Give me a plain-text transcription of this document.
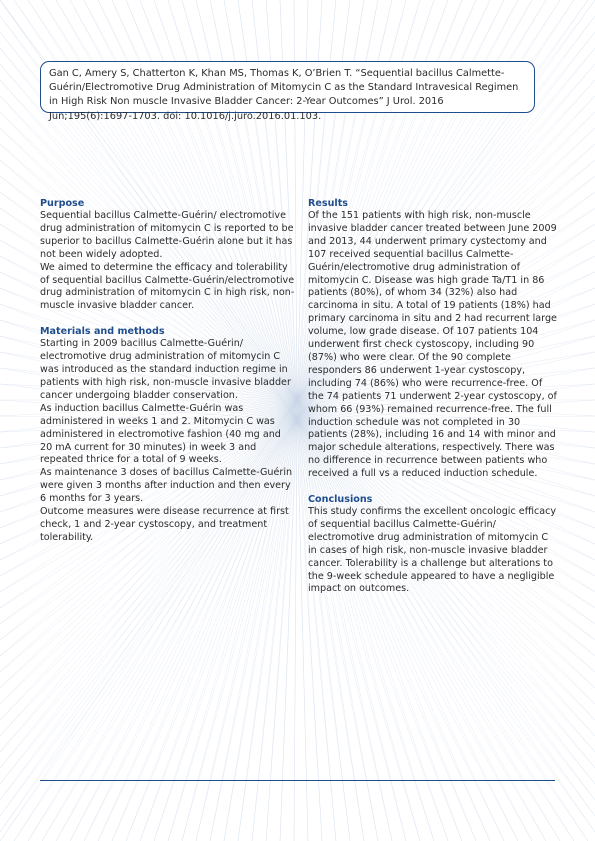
Gan C, Amery S, Chatterton K, Khan MS, Thomas K, O’Brien T. “Sequential bacillus Calmette-Guérin/Electromotive Drug Administration of Mitomycin C as the Standard Intravesical Regimen in High Risk Non muscle Invasive Bladder Cancer: 2-Year Outcomes” J Urol. 2016 Jun;195(6):1697-1703. doi: 10.1016/j.juro.2016.01.103.

Purpose

Sequential bacillus Calmette-Guérin/ electromotive drug administration of mitomycin C is reported to be superior to bacillus Calmette-Guérin alone but it has not been widely adopted.

We aimed to determine the efficacy and tolerability of sequential bacillus Calmette-Guérin/electromotive drug administration of mitomycin C in high risk, non-muscle invasive bladder cancer.

Materials and methods

Starting in 2009 bacillus Calmette-Guérin/ electromotive drug administration of mitomycin C was introduced as the standard induction regime in patients with high risk, non-muscle invasive bladder cancer undergoing bladder conservation.

As induction bacillus Calmette-Guérin was administered in weeks 1 and 2. Mitomycin C was administered in electromotive fashion (40 mg and 20 mA current for 30 minutes) in week 3 and repeated thrice for a total of 9 weeks.

As maintenance 3 doses of bacillus Calmette-Guérin were given 3 months after induction and then every 6 months for 3 years.

Outcome measures were disease recurrence at first check, 1 and 2-year cystoscopy, and treatment tolerability.

Results

Of the 151 patients with high risk, non-muscle invasive bladder cancer treated between June 2009 and 2013, 44 underwent primary cystectomy and 107 received sequential bacillus Calmette-Guérin/electromotive drug administration of mitomycin C. Disease was high grade Ta/T1 in 86 patients (80%), of whom 34 (32%) also had carcinoma in situ. A total of 19 patients (18%) had primary carcinoma in situ and 2 had recurrent large volume, low grade disease. Of 107 patients 104 underwent first check cystoscopy, including 90 (87%) who were clear. Of the 90 complete responders 86 underwent 1-year cystoscopy, including 74 (86%) who were recurrence-free. Of the 74 patients 71 underwent 2-year cystoscopy, of whom 66 (93%) remained recurrence-free. The full induction schedule was not completed in 30 patients (28%), including 16 and 14 with minor and major schedule alterations, respectively. There was no difference in recurrence between patients who received a full vs a reduced induction schedule.

Conclusions

This study confirms the excellent oncologic efficacy of sequential bacillus Calmette-Guérin/ electromotive drug administration of mitomycin C in cases of high risk, non-muscle invasive bladder cancer. Tolerability is a challenge but alterations to the 9-week schedule appeared to have a negligible impact on outcomes.
